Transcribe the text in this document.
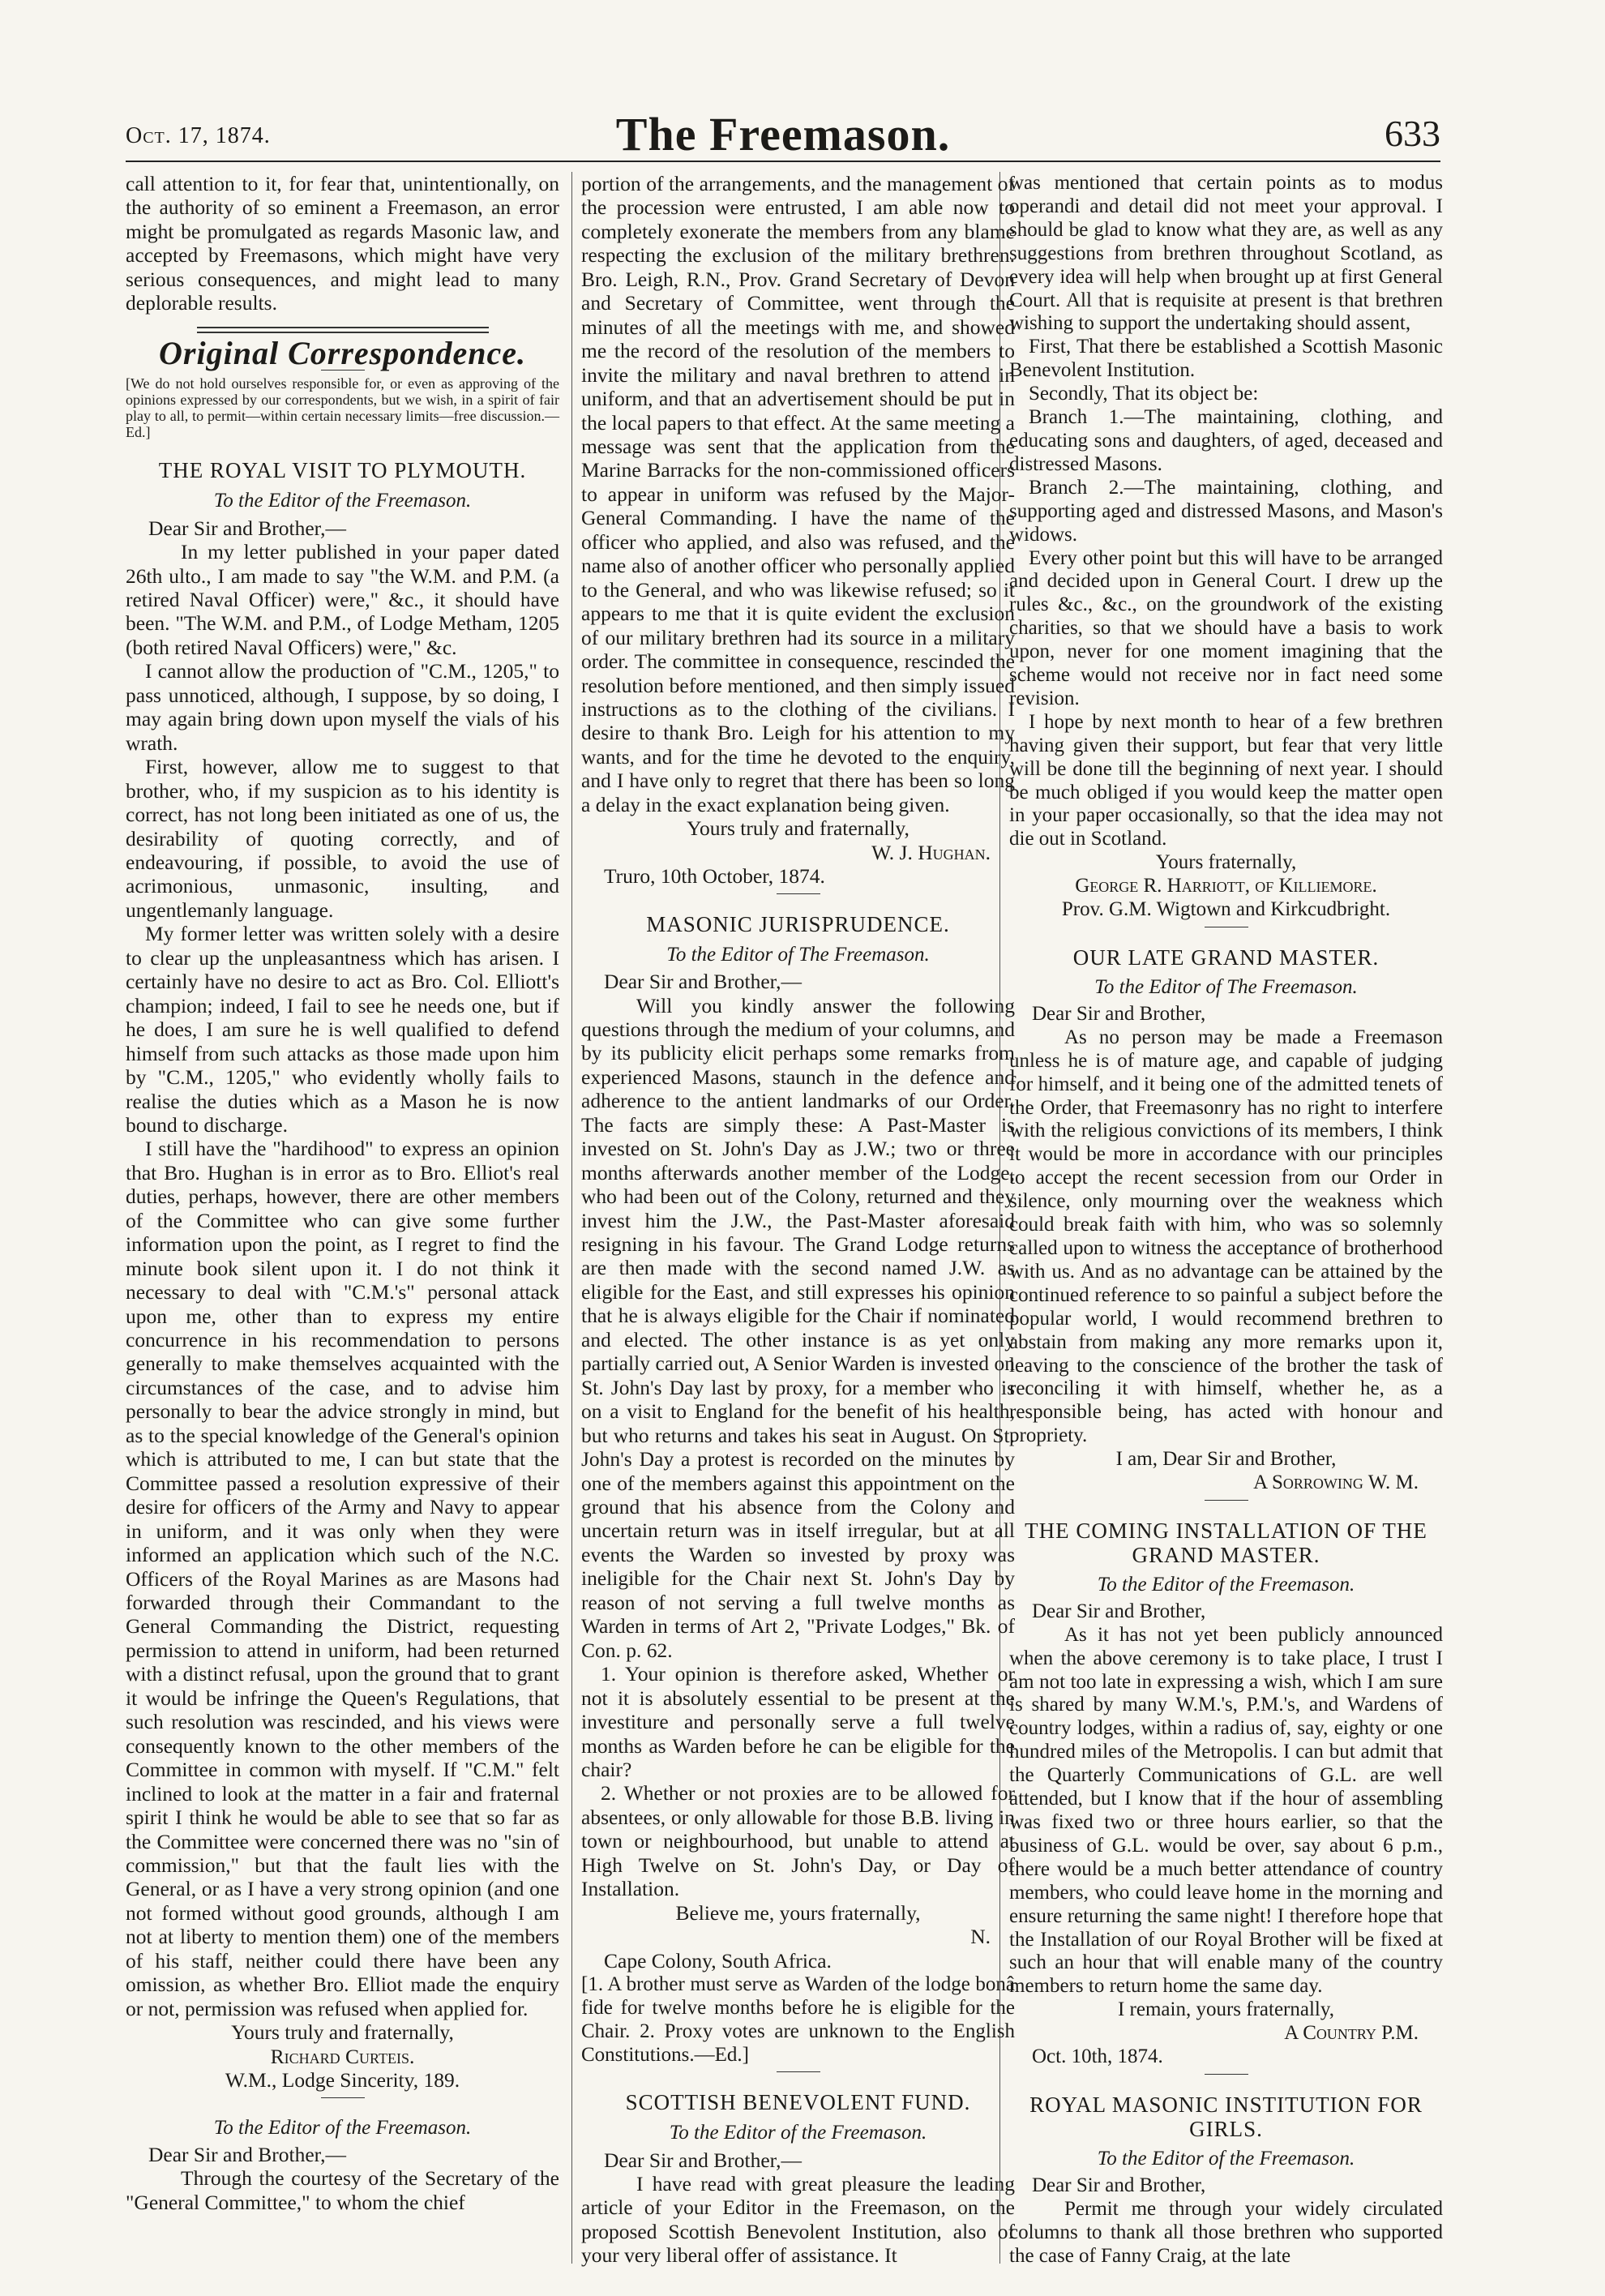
Oct. 17, 1874.	The Freemason.	633

call attention to it, for fear that, unintentionally, on the authority of so eminent a Freemason, an error might be promulgated as regards Masonic law, and accepted by Freemasons, which might have very serious consequences, and might lead to many deplorable results.

Original Correspondence.
[We do not hold ourselves responsible for, or even as approving of the opinions expressed by our correspondents, but we wish, in a spirit of fair play to all, to permit—within certain necessary limits—free discussion.—Ed.]
THE ROYAL VISIT TO PLYMOUTH.
To the Editor of the Freemason.

Dear Sir and Brother,—

In my letter published in your paper dated 26th ulto., I am made to say "the W.M. and P.M. (a retired Naval Officer) were," &c., it should have been. "The W.M. and P.M., of Lodge Metham, 1205 (both retired Naval Officers) were," &c.

I cannot allow the production of "C.M., 1205," to pass unnoticed, although, I suppose, by so doing, I may again bring down upon myself the vials of his wrath.

First, however, allow me to suggest to that brother, who, if my suspicion as to his identity is correct, has not long been initiated as one of us, the desirability of quoting correctly, and of endeavouring, if possible, to avoid the use of acrimonious, unmasonic, insulting, and ungentlemanly language.

My former letter was written solely with a desire to clear up the unpleasantness which has arisen. I certainly have no desire to act as Bro. Col. Elliott's champion; indeed, I fail to see he needs one, but if he does, I am sure he is well qualified to defend himself from such attacks as those made upon him by "C.M., 1205," who evidently wholly fails to realise the duties which as a Mason he is now bound to discharge.

I still have the "hardihood" to express an opinion that Bro. Hughan is in error as to Bro. Elliot's real duties, perhaps, however, there are other members of the Committee who can give some further information upon the point, as I regret to find the minute book silent upon it. I do not think it necessary to deal with "C.M.'s" personal attack upon me, other than to express my entire concurrence in his recommendation to persons generally to make themselves acquainted with the circumstances of the case, and to advise him personally to bear the advice strongly in mind, but as to the special knowledge of the General's opinion which is attributed to me, I can but state that the Committee passed a resolution expressive of their desire for officers of the Army and Navy to appear in uniform, and it was only when they were informed an application which such of the N.C. Officers of the Royal Marines as are Masons had forwarded through their Commandant to the General Commanding the District, requesting permission to attend in uniform, had been returned with a distinct refusal, upon the ground that to grant it would be infringe the Queen's Regulations, that such resolution was rescinded, and his views were consequently known to the other members of the Committee in common with myself. If "C.M." felt inclined to look at the matter in a fair and fraternal spirit I think he would be able to see that so far as the Committee were concerned there was no "sin of commission," but that the fault lies with the General, or as I have a very strong opinion (and one not formed without good grounds, although I am not at liberty to mention them) one of the members of his staff, neither could there have been any omission, as whether Bro. Elliot made the enquiry or not, permission was refused when applied for.

Yours truly and fraternally,

Richard Curteis.

W.M., Lodge Sincerity, 189.

To the Editor of the Freemason.

Dear Sir and Brother,—

Through the courtesy of the Secretary of the "General Committee," to whom the chief

portion of the arrangements, and the management of the procession were entrusted, I am able now to completely exonerate the members from any blame respecting the exclusion of the military brethren. Bro. Leigh, R.N., Prov. Grand Secretary of Devon and Secretary of Committee, went through the minutes of all the meetings with me, and showed me the record of the resolution of the members to invite the military and naval brethren to attend in uniform, and that an advertisement should be put in the local papers to that effect. At the same meeting a message was sent that the application from the Marine Barracks for the non-commissioned officers to appear in uniform was refused by the Major-General Commanding. I have the name of the officer who applied, and also was refused, and the name also of another officer who personally applied to the General, and who was likewise refused; so it appears to me that it is quite evident the exclusion of our military brethren had its source in a military order. The committee in consequence, rescinded the resolution before mentioned, and then simply issued instructions as to the clothing of the civilians. I desire to thank Bro. Leigh for his attention to my wants, and for the time he devoted to the enquiry, and I have only to regret that there has been so long a delay in the exact explanation being given.

Yours truly and fraternally,

W. J. Hughan.

Truro, 10th October, 1874.

MASONIC JURISPRUDENCE.
To the Editor of The Freemason.

Dear Sir and Brother,—

Will you kindly answer the following questions through the medium of your columns, and by its publicity elicit perhaps some remarks from experienced Masons, staunch in the defence and adherence to the antient landmarks of our Order. The facts are simply these: A Past-Master is invested on St. John's Day as J.W.; two or three months afterwards another member of the Lodge, who had been out of the Colony, returned and they invest him the J.W., the Past-Master aforesaid resigning in his favour. The Grand Lodge returns are then made with the second named J.W. as eligible for the East, and still expresses his opinion that he is always eligible for the Chair if nominated and elected. The other instance is as yet only partially carried out, A Senior Warden is invested on St. John's Day last by proxy, for a member who is on a visit to England for the benefit of his health, but who returns and takes his seat in August. On St. John's Day a protest is recorded on the minutes by one of the members against this appointment on the ground that his absence from the Colony and uncertain return was in itself irregular, but at all events the Warden so invested by proxy was ineligible for the Chair next St. John's Day by reason of not serving a full twelve months as Warden in terms of Art 2, "Private Lodges," Bk. of Con. p. 62.

1. Your opinion is therefore asked, Whether or not it is absolutely essential to be present at the investiture and personally serve a full twelve months as Warden before he can be eligible for the chair?

2. Whether or not proxies are to be allowed for absentees, or only allowable for those B.B. living in town or neighbourhood, but unable to attend at High Twelve on St. John's Day, or Day of Installation.

Believe me, yours fraternally,

N.

Cape Colony, South Africa.

[1. A brother must serve as Warden of the lodge bonâ fide for twelve months before he is eligible for the Chair. 2. Proxy votes are unknown to the English Constitutions.—Ed.]

SCOTTISH BENEVOLENT FUND.
To the Editor of the Freemason.

Dear Sir and Brother,—

I have read with great pleasure the leading article of your Editor in the Freemason, on the proposed Scottish Benevolent Institution, also of your very liberal offer of assistance. It

was mentioned that certain points as to modus operandi and detail did not meet your approval. I should be glad to know what they are, as well as any suggestions from brethren throughout Scotland, as every idea will help when brought up at first General Court. All that is requisite at present is that brethren wishing to support the undertaking should assent,

First, That there be established a Scottish Masonic Benevolent Institution.

Secondly, That its object be:

Branch 1.—The maintaining, clothing, and educating sons and daughters, of aged, deceased and distressed Masons.

Branch 2.—The maintaining, clothing, and supporting aged and distressed Masons, and Mason's widows.

Every other point but this will have to be arranged and decided upon in General Court. I drew up the rules &c., &c., on the groundwork of the existing charities, so that we should have a basis to work upon, never for one moment imagining that the scheme would not receive nor in fact need some revision.

I hope by next month to hear of a few brethren having given their support, but fear that very little will be done till the beginning of next year. I should be much obliged if you would keep the matter open in your paper occasionally, so that the idea may not die out in Scotland.

Yours fraternally,

George R. Harriott, of Killiemore.

Prov. G.M. Wigtown and Kirkcudbright.

OUR LATE GRAND MASTER.
To the Editor of The Freemason.

Dear Sir and Brother,

As no person may be made a Freemason unless he is of mature age, and capable of judging for himself, and it being one of the admitted tenets of the Order, that Freemasonry has no right to interfere with the religious convictions of its members, I think it would be more in accordance with our principles to accept the recent secession from our Order in silence, only mourning over the weakness which could break faith with him, who was so solemnly called upon to witness the acceptance of brotherhood with us. And as no advantage can be attained by the continued reference to so painful a subject before the popular world, I would recommend brethren to abstain from making any more remarks upon it, leaving to the conscience of the brother the task of reconciling it with himself, whether he, as a responsible being, has acted with honour and propriety.

I am, Dear Sir and Brother,

A Sorrowing W. M.

THE COMING INSTALLATION OF THE GRAND MASTER.
To the Editor of the Freemason.

Dear Sir and Brother,

As it has not yet been publicly announced when the above ceremony is to take place, I trust I am not too late in expressing a wish, which I am sure is shared by many W.M.'s, P.M.'s, and Wardens of country lodges, within a radius of, say, eighty or one hundred miles of the Metropolis. I can but admit that the Quarterly Communications of G.L. are well attended, but I know that if the hour of assembling was fixed two or three hours earlier, so that the business of G.L. would be over, say about 6 p.m., there would be a much better attendance of country members, who could leave home in the morning and ensure returning the same night! I therefore hope that the Installation of our Royal Brother will be fixed at such an hour that will enable many of the country members to return home the same day.

I remain, yours fraternally,

A Country P.M.

Oct. 10th, 1874.

ROYAL MASONIC INSTITUTION FOR GIRLS.
To the Editor of the Freemason.

Dear Sir and Brother,

Permit me through your widely circulated columns to thank all those brethren who supported the case of Fanny Craig, at the late
